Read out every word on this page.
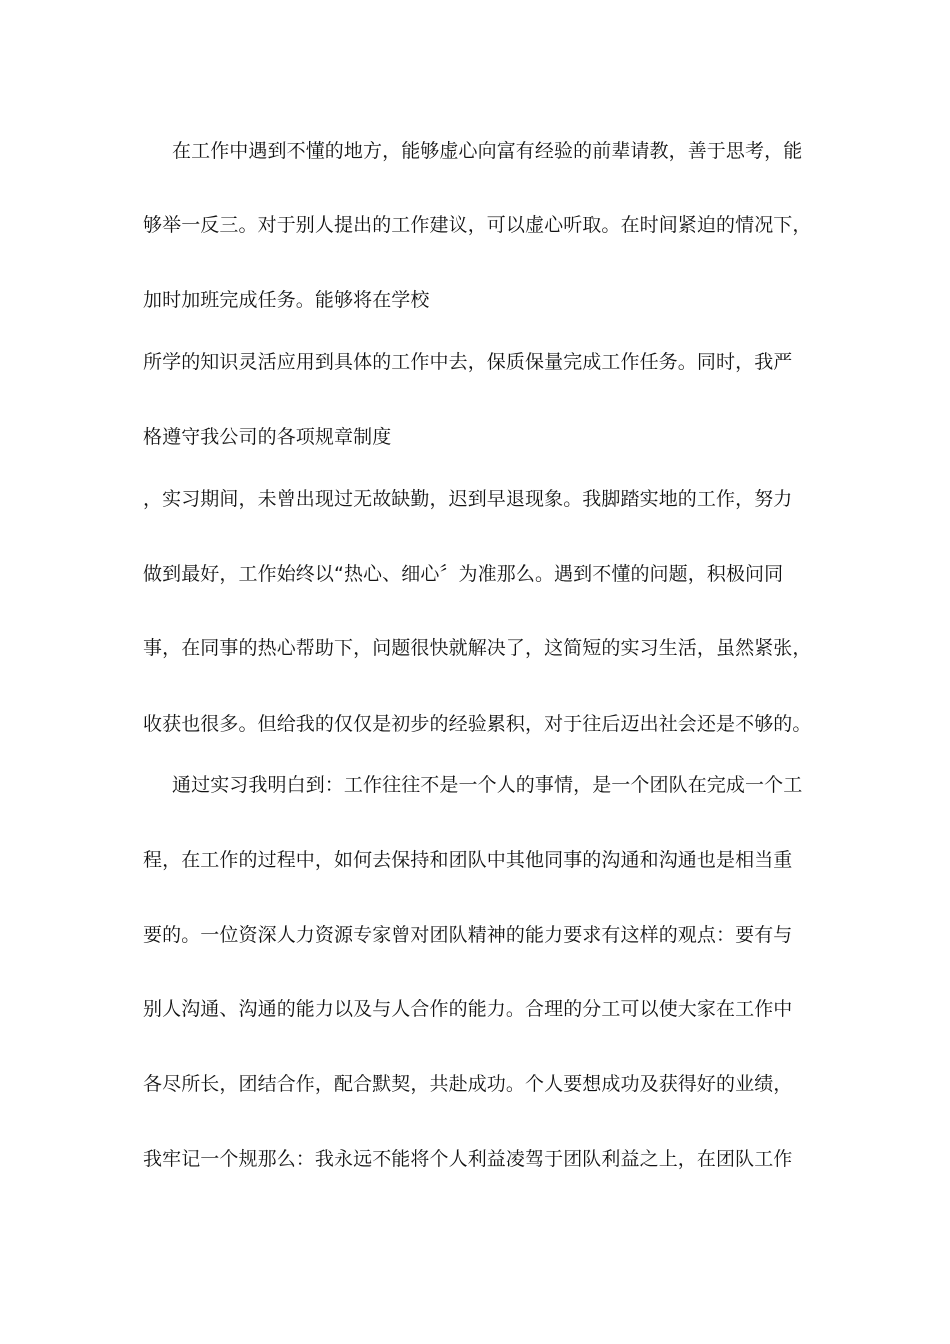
在工作中遇到不懂的地方，能够虚心向富有经验的前辈请教，善于思考，能
够举一反三。对于别人提出的工作建议，可以虚心听取。在时间紧迫的情况下，
加时加班完成任务。能够将在学校
所学的知识灵活应用到具体的工作中去，保质保量完成工作任务。同时，我严
格遵守我公司的各项规章制度
，实习期间，未曾出现过无故缺勤，迟到早退现象。我脚踏实地的工作，努力
做到最好，工作始终以“热心、细心〞为准那么。遇到不懂的问题，积极问同
事，在同事的热心帮助下，问题很快就解决了，这简短的实习生活，虽然紧张，
收获也很多。但给我的仅仅是初步的经验累积，对于往后迈出社会还是不够的。
通过实习我明白到：工作往往不是一个人的事情，是一个团队在完成一个工
程，在工作的过程中，如何去保持和团队中其他同事的沟通和沟通也是相当重
要的。一位资深人力资源专家曾对团队精神的能力要求有这样的观点：要有与
别人沟通、沟通的能力以及与人合作的能力。合理的分工可以使大家在工作中
各尽所长，团结合作，配合默契，共赴成功。个人要想成功及获得好的业绩，
我牢记一个规那么：我永远不能将个人利益凌驾于团队利益之上，在团队工作
